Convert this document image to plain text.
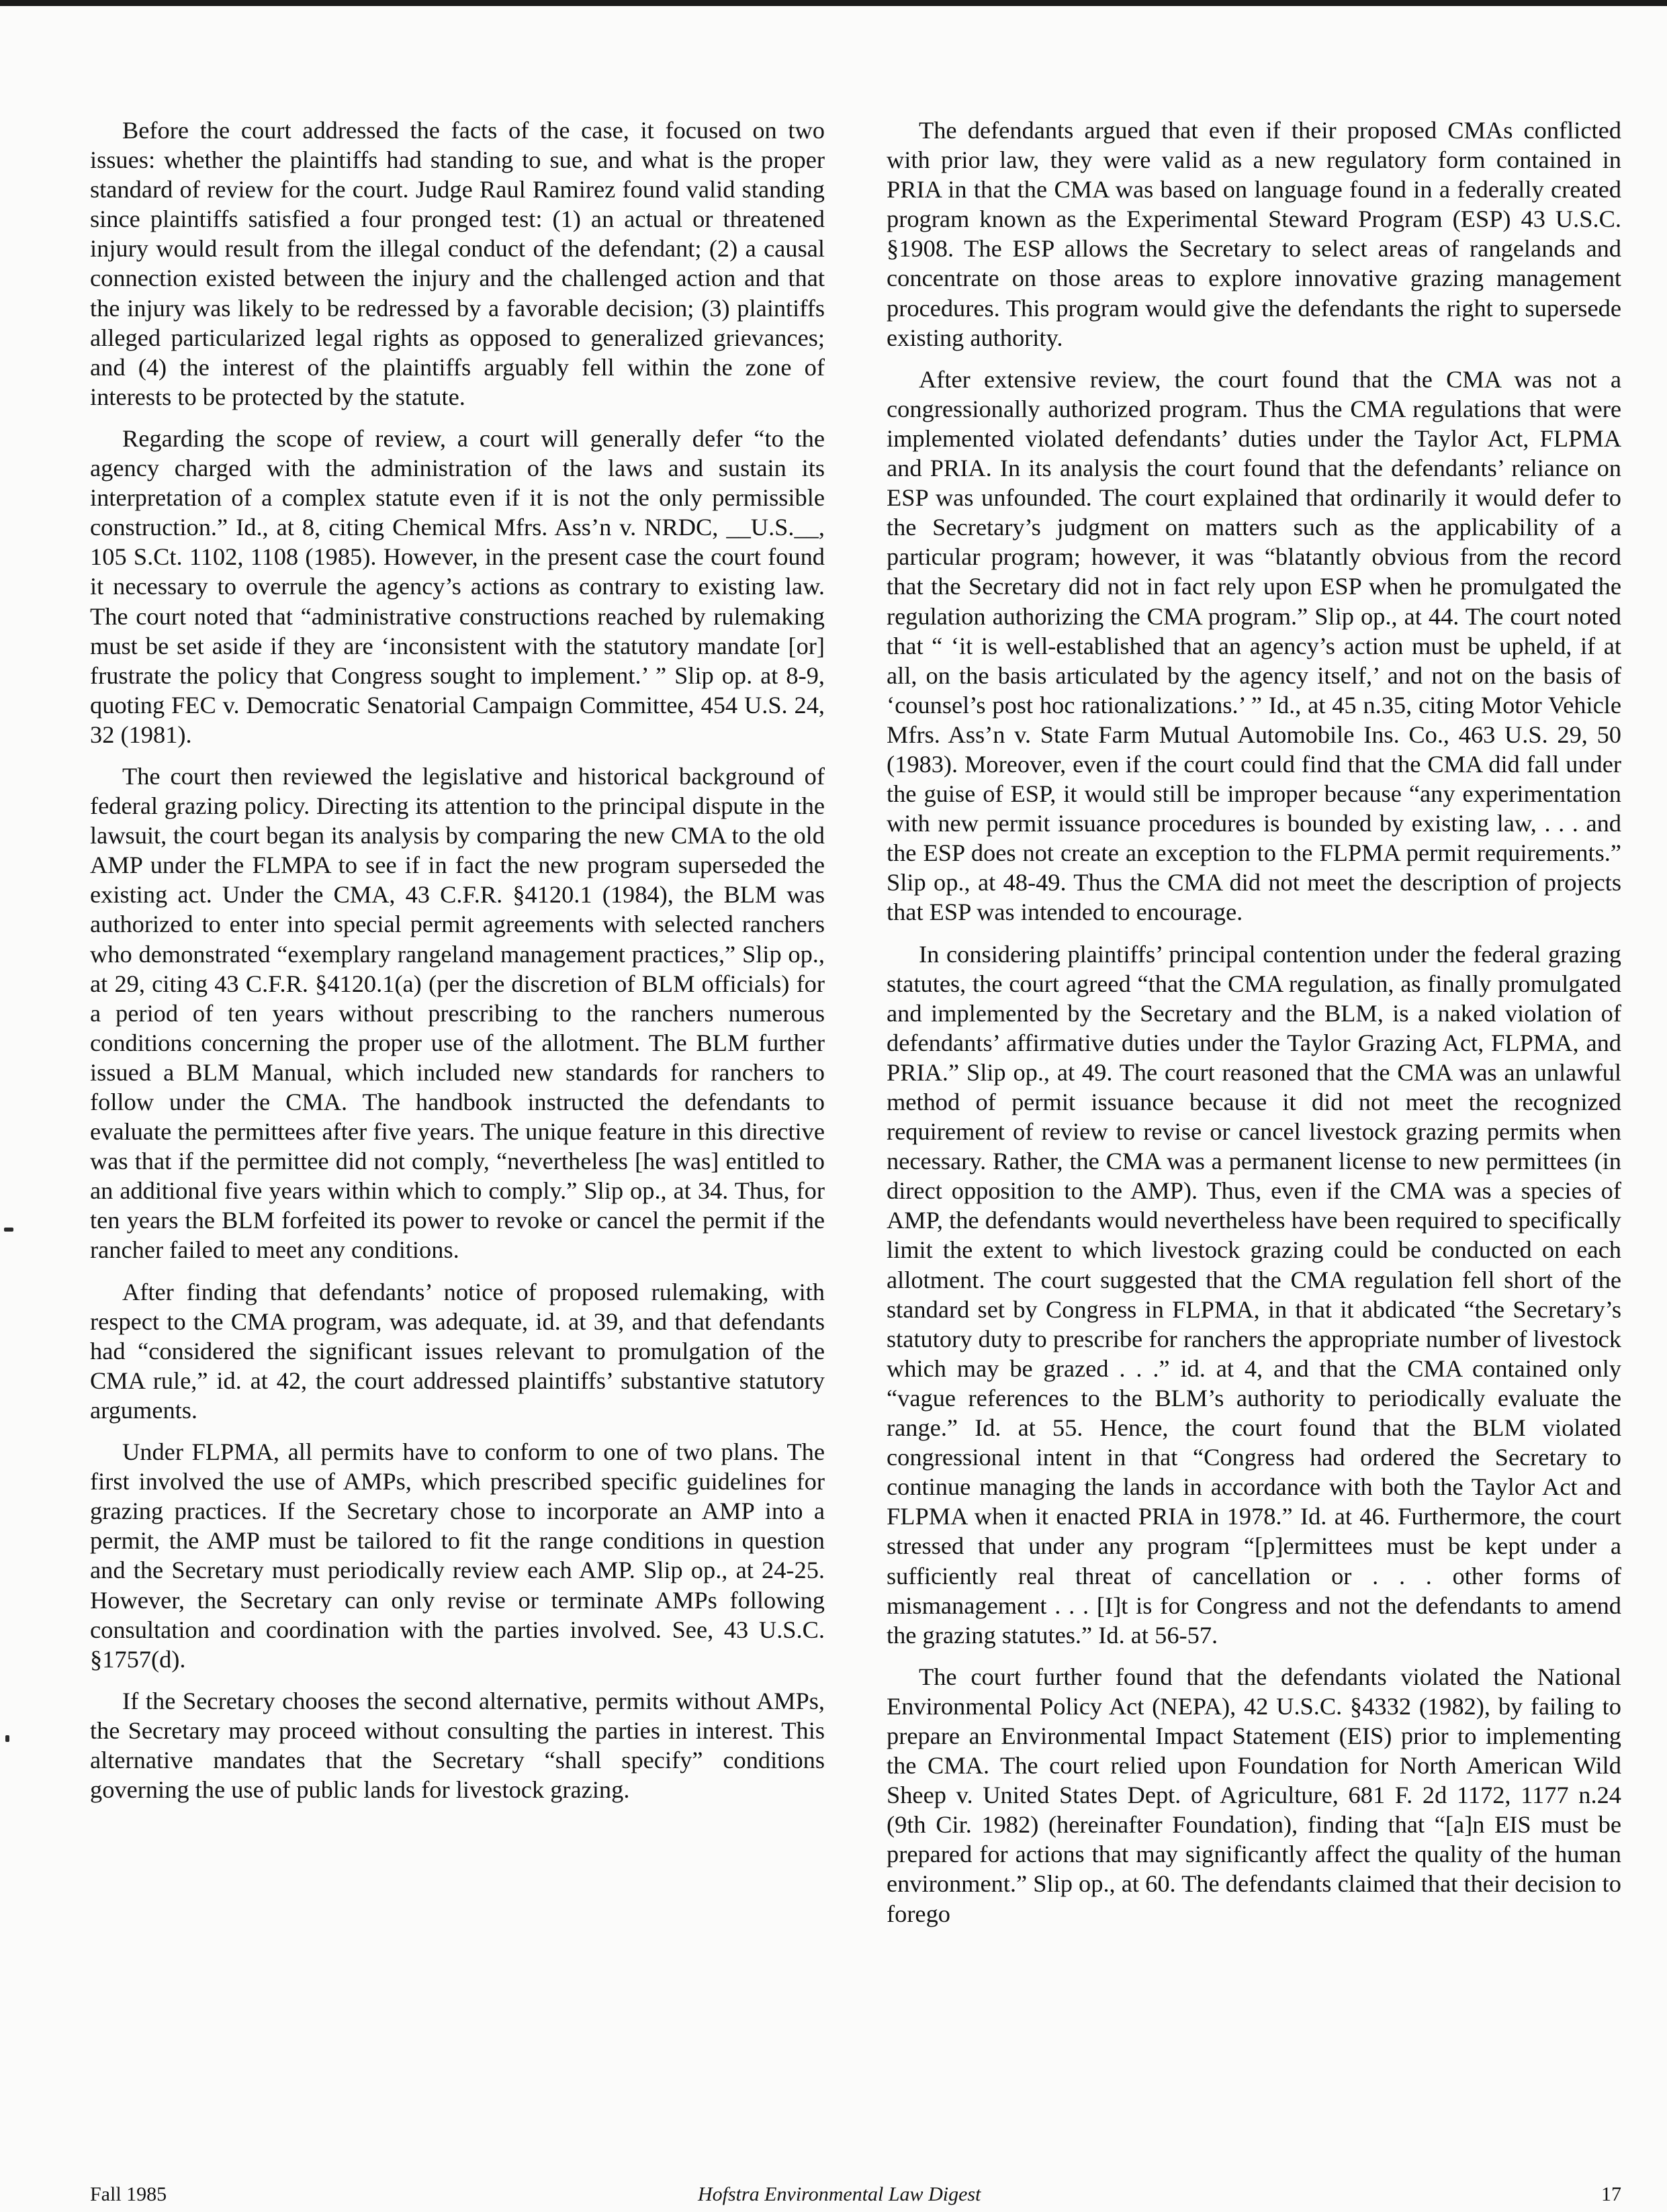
Before the court addressed the facts of the case, it focused on two issues: whether the plaintiffs had standing to sue, and what is the proper standard of review for the court. Judge Raul Ramirez found valid standing since plaintiffs satisfied a four pronged test: (1) an actual or threatened injury would result from the illegal conduct of the defendant; (2) a causal connection existed between the injury and the challenged action and that the injury was likely to be redressed by a favorable decision; (3) plaintiffs alleged particularized legal rights as opposed to generalized grievances; and (4) the interest of the plaintiffs arguably fell within the zone of interests to be protected by the statute.

Regarding the scope of review, a court will generally defer “to the agency charged with the administration of the laws and sustain its interpretation of a complex statute even if it is not the only permissible construction.” Id., at 8, citing Chemical Mfrs. Ass’n v. NRDC, __U.S.__, 105 S.Ct. 1102, 1108 (1985). However, in the present case the court found it necessary to overrule the agency’s actions as contrary to existing law. The court noted that “administrative constructions reached by rulemaking must be set aside if they are ‘inconsistent with the statutory mandate [or] frustrate the policy that Congress sought to implement.’ ” Slip op. at 8-9, quoting FEC v. Democratic Senatorial Campaign Committee, 454 U.S. 24, 32 (1981).

The court then reviewed the legislative and historical background of federal grazing policy. Directing its attention to the principal dispute in the lawsuit, the court began its analysis by comparing the new CMA to the old AMP under the FLMPA to see if in fact the new program superseded the existing act. Under the CMA, 43 C.F.R. §4120.1 (1984), the BLM was authorized to enter into special permit agreements with selected ranchers who demonstrated “exemplary rangeland management practices,” Slip op., at 29, citing 43 C.F.R. §4120.1(a) (per the discretion of BLM officials) for a period of ten years without prescribing to the ranchers numerous conditions concerning the proper use of the allotment. The BLM further issued a BLM Manual, which included new standards for ranchers to follow under the CMA. The handbook instructed the defendants to evaluate the permittees after five years. The unique feature in this directive was that if the permittee did not comply, “nevertheless [he was] entitled to an additional five years within which to comply.” Slip op., at 34. Thus, for ten years the BLM forfeited its power to revoke or cancel the permit if the rancher failed to meet any conditions.

After finding that defendants’ notice of proposed rulemaking, with respect to the CMA program, was adequate, id. at 39, and that defendants had “considered the significant issues relevant to promulgation of the CMA rule,” id. at 42, the court addressed plaintiffs’ substantive statutory arguments.

Under FLPMA, all permits have to conform to one of two plans. The first involved the use of AMPs, which prescribed specific guidelines for grazing practices. If the Secretary chose to incorporate an AMP into a permit, the AMP must be tailored to fit the range conditions in question and the Secretary must periodically review each AMP. Slip op., at 24-25. However, the Secretary can only revise or terminate AMPs following consultation and coordination with the parties involved. See, 43 U.S.C. §1757(d).

If the Secretary chooses the second alternative, permits without AMPs, the Secretary may proceed without consulting the parties in interest. This alternative mandates that the Secretary “shall specify” conditions governing the use of public lands for livestock grazing.

The defendants argued that even if their proposed CMAs conflicted with prior law, they were valid as a new regulatory form contained in PRIA in that the CMA was based on language found in a federally created program known as the Experimental Steward Program (ESP) 43 U.S.C. §1908. The ESP allows the Secretary to select areas of rangelands and concentrate on those areas to explore innovative grazing management procedures. This program would give the defendants the right to supersede existing authority.

After extensive review, the court found that the CMA was not a congressionally authorized program. Thus the CMA regulations that were implemented violated defendants’ duties under the Taylor Act, FLPMA and PRIA. In its analysis the court found that the defendants’ reliance on ESP was unfounded. The court explained that ordinarily it would defer to the Secretary’s judgment on matters such as the applicability of a particular program; however, it was “blatantly obvious from the record that the Secretary did not in fact rely upon ESP when he promulgated the regulation authorizing the CMA program.” Slip op., at 44. The court noted that “ ‘it is well-established that an agency’s action must be upheld, if at all, on the basis articulated by the agency itself,’ and not on the basis of ‘counsel’s post hoc rationalizations.’ ” Id., at 45 n.35, citing Motor Vehicle Mfrs. Ass’n v. State Farm Mutual Automobile Ins. Co., 463 U.S. 29, 50 (1983). Moreover, even if the court could find that the CMA did fall under the guise of ESP, it would still be improper because “any experimentation with new permit issuance procedures is bounded by existing law, . . . and the ESP does not create an exception to the FLPMA permit requirements.” Slip op., at 48-49. Thus the CMA did not meet the description of projects that ESP was intended to encourage.

In considering plaintiffs’ principal contention under the federal grazing statutes, the court agreed “that the CMA regulation, as finally promulgated and implemented by the Secretary and the BLM, is a naked violation of defendants’ affirmative duties under the Taylor Grazing Act, FLPMA, and PRIA.” Slip op., at 49. The court reasoned that the CMA was an unlawful method of permit issuance because it did not meet the recognized requirement of review to revise or cancel livestock grazing permits when necessary. Rather, the CMA was a permanent license to new permittees (in direct opposition to the AMP). Thus, even if the CMA was a species of AMP, the defendants would nevertheless have been required to specifically limit the extent to which livestock grazing could be conducted on each allotment. The court suggested that the CMA regulation fell short of the standard set by Congress in FLPMA, in that it abdicated “the Secretary’s statutory duty to prescribe for ranchers the appropriate number of livestock which may be grazed . . .” id. at 4, and that the CMA contained only “vague references to the BLM’s authority to periodically evaluate the range.” Id. at 55. Hence, the court found that the BLM violated congressional intent in that “Congress had ordered the Secretary to continue managing the lands in accordance with both the Taylor Act and FLPMA when it enacted PRIA in 1978.” Id. at 46. Furthermore, the court stressed that under any program “[p]ermittees must be kept under a sufficiently real threat of cancellation or . . . other forms of mismanagement . . . [I]t is for Congress and not the defendants to amend the grazing statutes.” Id. at 56-57.

The court further found that the defendants violated the National Environmental Policy Act (NEPA), 42 U.S.C. §4332 (1982), by failing to prepare an Environmental Impact Statement (EIS) prior to implementing the CMA. The court relied upon Foundation for North American Wild Sheep v. United States Dept. of Agriculture, 681 F. 2d 1172, 1177 n.24 (9th Cir. 1982) (hereinafter Foundation), finding that “[a]n EIS must be prepared for actions that may significantly affect the quality of the human environment.” Slip op., at 60. The defendants claimed that their decision to forego

Fall 1985	Hofstra Environmental Law Digest	17
